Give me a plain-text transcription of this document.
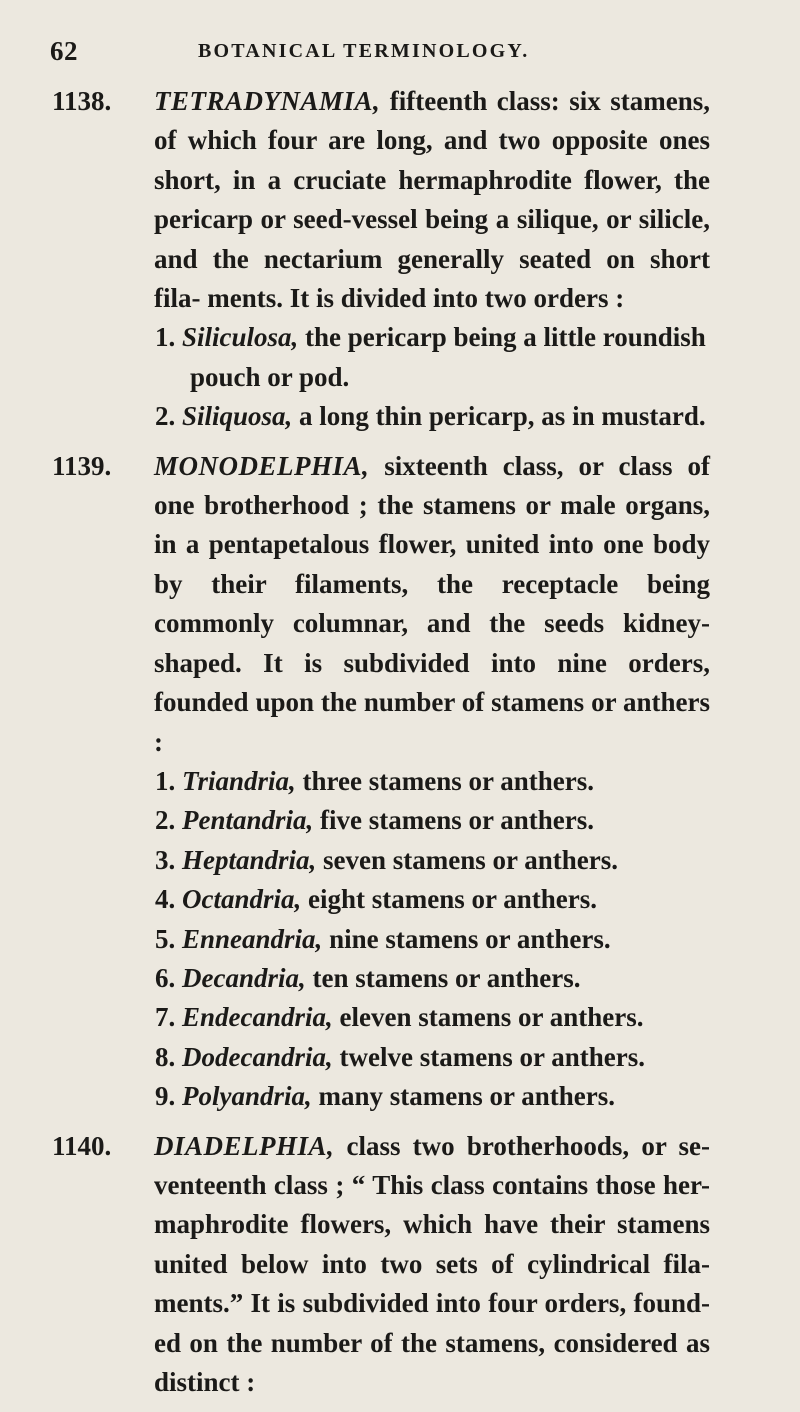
62	BOTANICAL TERMINOLOGY.
1138. TETRADYNAMIA, fifteenth class: six stamens, of which four are long, and two opposite ones short, in a cruciate hermaphrodite flower, the pericarp or seed-vessel being a silique, or silicle, and the nectarium generally seated on short fila- ments. It is divided into two orders :
1. Siliculosa, the pericarp being a little roundish pouch or pod.
2. Siliquosa, a long thin pericarp, as in mustard.
1139. MONODELPHIA, sixteenth class, or class of one brotherhood ; the stamens or male organs, in a pentapetalous flower, united into one body by their filaments, the receptacle being commonly columnar, and the seeds kidney-shaped. It is subdivided into nine orders, founded upon the number of stamens or anthers :
1. Triandria, three stamens or anthers.
2. Pentandria, five stamens or anthers.
3. Heptandria, seven stamens or anthers.
4. Octandria, eight stamens or anthers.
5. Enneandria, nine stamens or anthers.
6. Decandria, ten stamens or anthers.
7. Endecandria, eleven stamens or anthers.
8. Dodecandria, twelve stamens or anthers.
9. Polyandria, many stamens or anthers.
1140. DIADELPHIA, class two brotherhoods, or se- venteenth class ; “ This class contains those her- maphrodite flowers, which have their stamens united below into two sets of cylindrical fila- ments.” It is subdivided into four orders, found- ed on the number of the stamens, considered as distinct :
